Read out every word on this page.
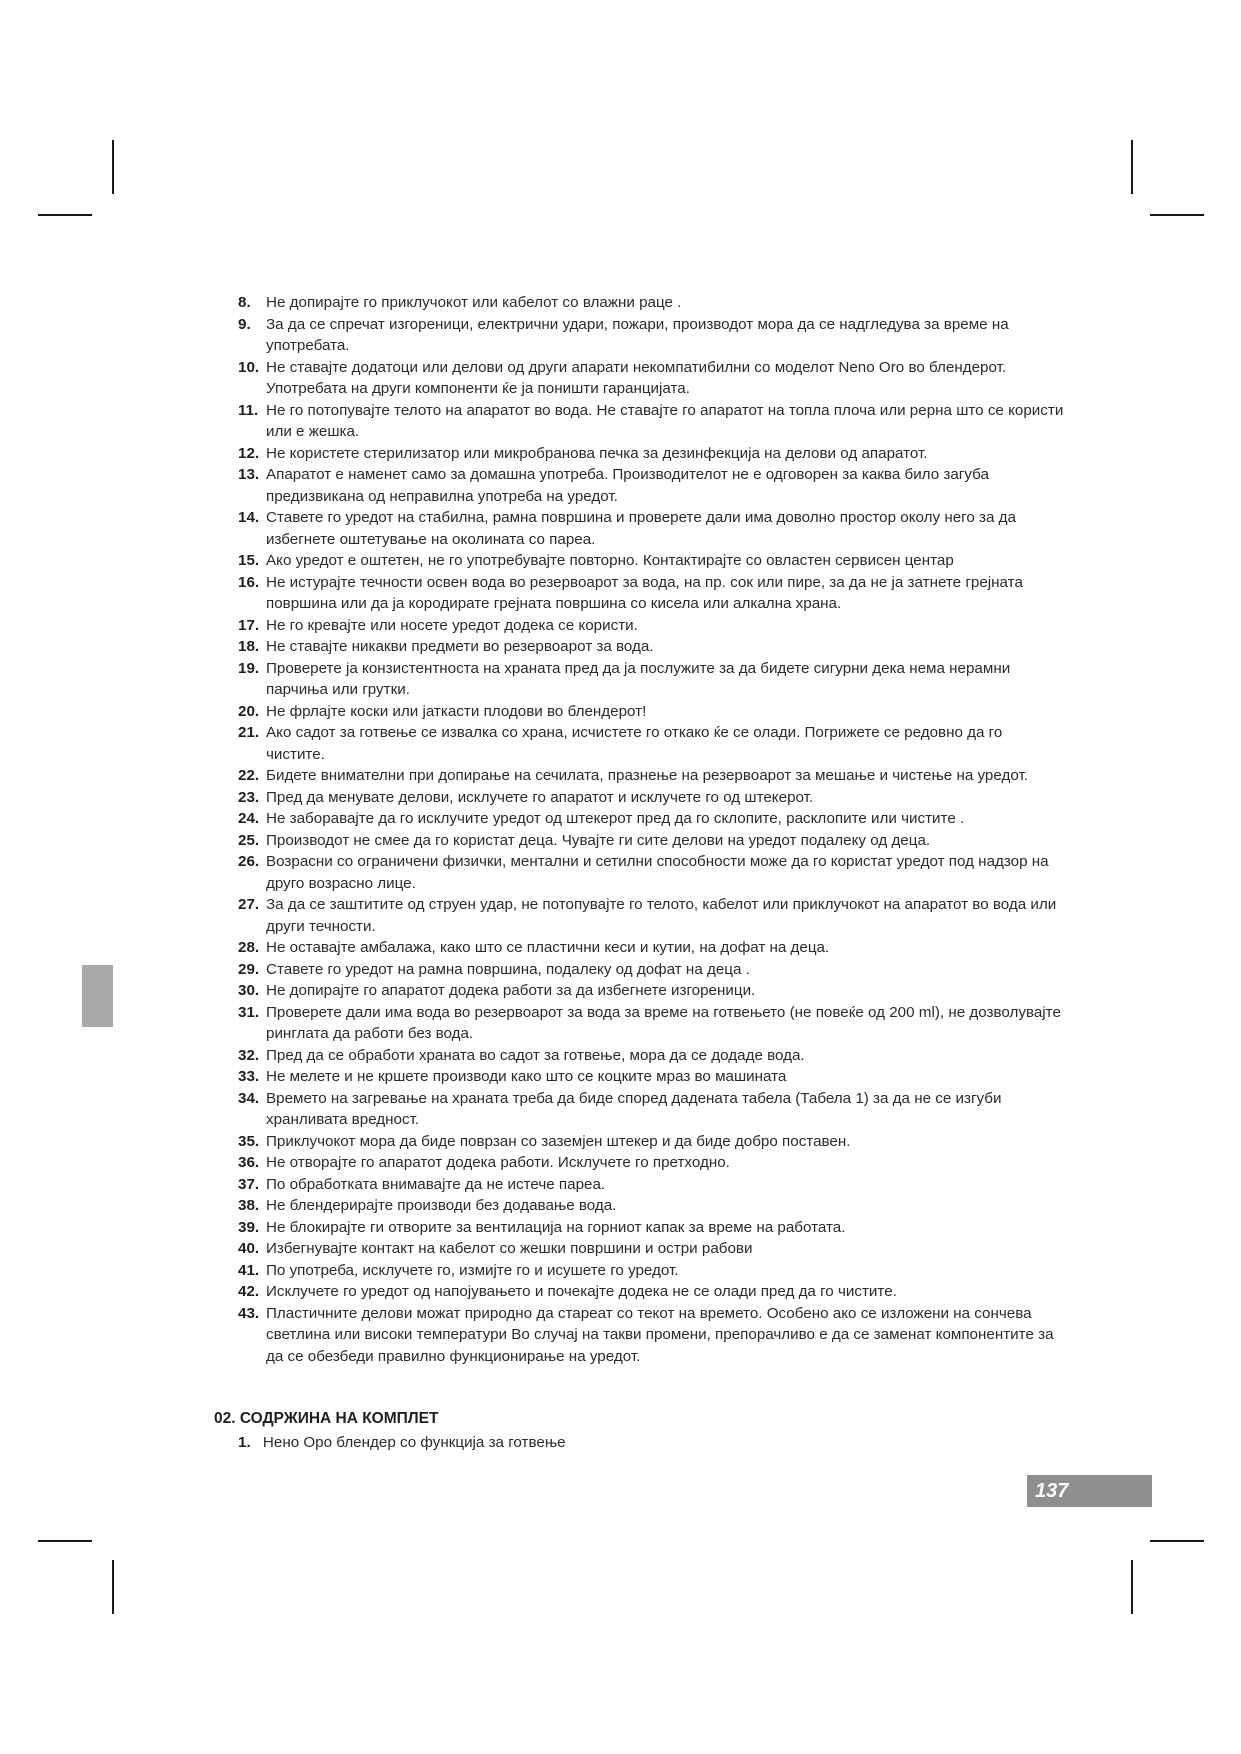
8. Не допирајте го приклучокот или кабелот со влажни раце .
9. За да се спречат изгореници, електрични удари, пожари, производот мора да се надгледува за време на употребата.
10. Не ставајте додатоци или делови од други апарати некомпатибилни со моделот Neno Oro во блендерот. Употребата на други компоненти ќе ја поништи гаранцијата.
11. Не го потопувајте телото на апаратот во вода. Не ставајте го апаратот на топла плоча или рерна што се користи или е жешка.
12. Не користете стерилизатор или микробранова печка за дезинфекција на делови од апаратот.
13. Апаратот е наменет само за домашна употреба. Производителот не е одговорен за каква било загуба предизвикана од неправилна употреба на уредот.
14. Ставете го уредот на стабилна, рамна површина и проверете дали има доволно простор околу него за да избегнете оштетување на околината со пареа.
15. Ако уредот е оштетен, не го употребувајте повторно. Контактирајте со овластен сервисен центар
16. Не истурајте течности освен вода во резервоарот за вода, на пр. сок или пире, за да не ја затнете грејната површина или да ја кородирате грејната површина со кисела или алкална храна.
17. Не го кревајте или носете уредот додека се користи.
18. Не ставајте никакви предмети во резервоарот за вода.
19. Проверете ја конзистентноста на храната пред да ја послужите за да бидете сигурни дека нема нерамни парчиња или грутки.
20. Не фрлајте коски или јаткасти плодови во блендерот!
21. Ако садот за готвење се извалка со храна, исчистете го откако ќе се олади. Погрижете се редовно да го чистите.
22. Бидете внимателни при допирање на сечилата, празнење на резервоарот за мешање и чистење на уредот.
23. Пред да менувате делови, исклучете го апаратот и исклучете го од штекерот.
24. Не заборавајте да го исклучите уредот од штекерот пред да го склопите, расклопите или чистите .
25. Производот не смее да го користат деца. Чувајте ги сите делови на уредот подалеку од деца.
26. Возрасни со ограничени физички, ментални и сетилни способности може да го користат уредот под надзор на друго возрасно лице.
27. За да се заштитите од струен удар, не потопувајте го телото, кабелот или приклучокот на апаратот во вода или други течности.
28. Не оставајте амбалажа, како што се пластични кеси и кутии, на дофат на деца.
29. Ставете го уредот на рамна површина, подалеку од дофат на деца .
30. Не допирајте го апаратот додека работи за да избегнете изгореници.
31. Проверете дали има вода во резервоарот за вода за време на готвењето (не повеќе од 200 ml), не дозволувајте ринглата да работи без вода.
32. Пред да се обработи храната во садот за готвење, мора да се додаде вода.
33. Не мелете и не кршете производи како што се коцките мраз во машината
34. Времето на загревање на храната треба да биде според дадената табела (Табела 1) за да не се изгуби хранливата вредност.
35. Приклучокот мора да биде поврзан со заземјен штекер и да биде добро поставен.
36. Не отворајте го апаратот додека работи. Исклучете го претходно.
37. По обработката внимавајте да не истече пареа.
38. Не блендерирајте производи без додавање вода.
39. Не блокирајте ги отворите за вентилација на горниот капак за време на работата.
40. Избегнувајте контакт на кабелот со жешки површини и остри рабови
41. По употреба, исклучете го, измијте го и исушете го уредот.
42. Исклучете го уредот од напојувањето и почекајте додека не се олади пред да го чистите.
43. Пластичните делови можат природно да стареат со текот на времето. Особено ако се изложени на сончева светлина или високи температури Во случај на такви промени, препорачливо е да се заменат компонентите за да се обезбеди правилно функционирање на уредот.
02. СОДРЖИНА НА КОМПЛЕТ
1. Нено Оро блендер со функција за готвење
137
